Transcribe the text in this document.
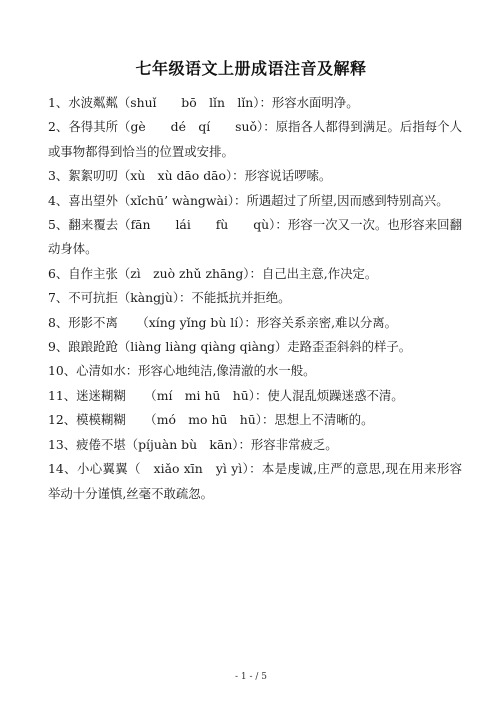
七年级语文上册成语注音及解释

1、水波粼粼（shuǐ　　bō　lǐn　lǐn）：形容水面明净。

2、各得其所（gè　　dé　qí　　suǒ）：原指各人都得到满足。后指每个人或事物都得到恰当的位置或安排。

3、絮絮叨叨（xù　xù dāo dāo）：形容说话啰嗦。

4、喜出望外（xǐchū’ wàngwài）：所遇超过了所望,因而感到特别高兴。

5、翻来覆去（fān　　lái　　fù　　qù）：形容一次又一次。也形容来回翻动身体。

6、自作主张（zì　zuò zhǔ zhāng）：自己出主意,作决定。

7、不可抗拒（kàngjù）：不能抵抗并拒绝。

8、形影不离　　（xíng yǐng bù lí）：形容关系亲密,难以分离。

9、踉踉跄跄（liàng liàng qiàng qiàng）走路歪歪斜斜的样子。

10、心清如水：形容心地纯洁,像清澈的水一般。

11、迷迷糊糊　　（mí　mi hū　hū）：使人混乱烦躁迷惑不清。

12、模模糊糊　　（mó　mo hū　hū）：思想上不清晰的。

13、疲倦不堪（píjuàn bù　kān）：形容非常疲乏。

14、小心翼翼（　xiǎo xīn　yì yì）：本是虔诚,庄严的意思,现在用来形容举动十分谨慎,丝毫不敢疏忽。

- 1 - / 5
